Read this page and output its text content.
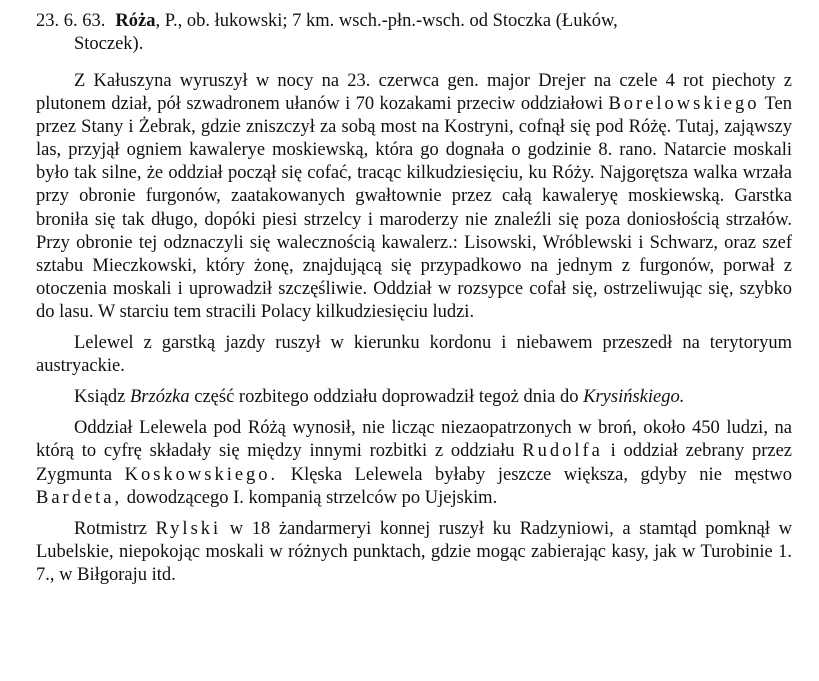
23. 6. 63. Róża, P., ob. łukowski; 7 km. wsch.-płn.-wsch. od Stoczka (Łuków,
Stoczek).

Z Kałuszyna wyruszył w nocy na 23. czerwca gen. major Drejer na czele 4 rot piechoty z plutonem dział, pół szwadronem ułanów i 70 kozakami przeciw oddziałowi Borelowskiego Ten przez Stany i Żebrak, gdzie zniszczył za sobą most na Kostryni, cofnął się pod Różę. Tutaj, zająwszy las, przyjął ogniem kawalerye moskiewską, która go dognała o godzinie 8. rano. Natarcie moskali było tak silne, że oddział począł się cofać, tracąc kilkudziesięciu, ku Róży. Najgorętsza walka wrzała przy obronie furgonów, zaatakowanych gwałtownie przez całą kawaleryę moskiewską. Garstka broniła się tak długo, dopóki piesi strzelcy i maroderzy nie znaleźli się poza doniosłością strzałów. Przy obronie tej odznaczyli się walecznością kawalerz.: Lisowski, Wróblewski i Schwarz, oraz szef sztabu Mieczkowski, który żonę, znajdującą się przypadkowo na jednym z furgonów, porwał z otoczenia moskali i uprowadził szczęśliwie. Oddział w rozsypce cofał się, ostrzeliwując się, szybko do lasu. W starciu tem stracili Polacy kilkudziesięciu ludzi.

Lelewel z garstką jazdy ruszył w kierunku kordonu i niebawem przeszedł na terytoryum austryackie.

Ksiądz Brzózka część rozbitego oddziału doprowadził tegoż dnia do Krysińskiego.

Oddział Lelewela pod Różą wynosił, nie licząc niezaopatrzonych w broń, około 450 ludzi, na którą to cyfrę składały się między innymi rozbitki z oddziału Rudolfa i oddział zebrany przez Zygmunta Koskowskiego. Klęska Lelewela byłaby jeszcze większa, gdyby nie męstwo Bardeta, dowodzącego I. kompanią strzelców po Ujejskim.

Rotmistrz Rylski w 18 żandarmeryi konnej ruszył ku Radzyniowi, a stamtąd pomknął w Lubelskie, niepokojąc moskali w różnych punktach, gdzie mogąc zabierając kasy, jak w Turobinie 1. 7., w Biłgoraju itd.
